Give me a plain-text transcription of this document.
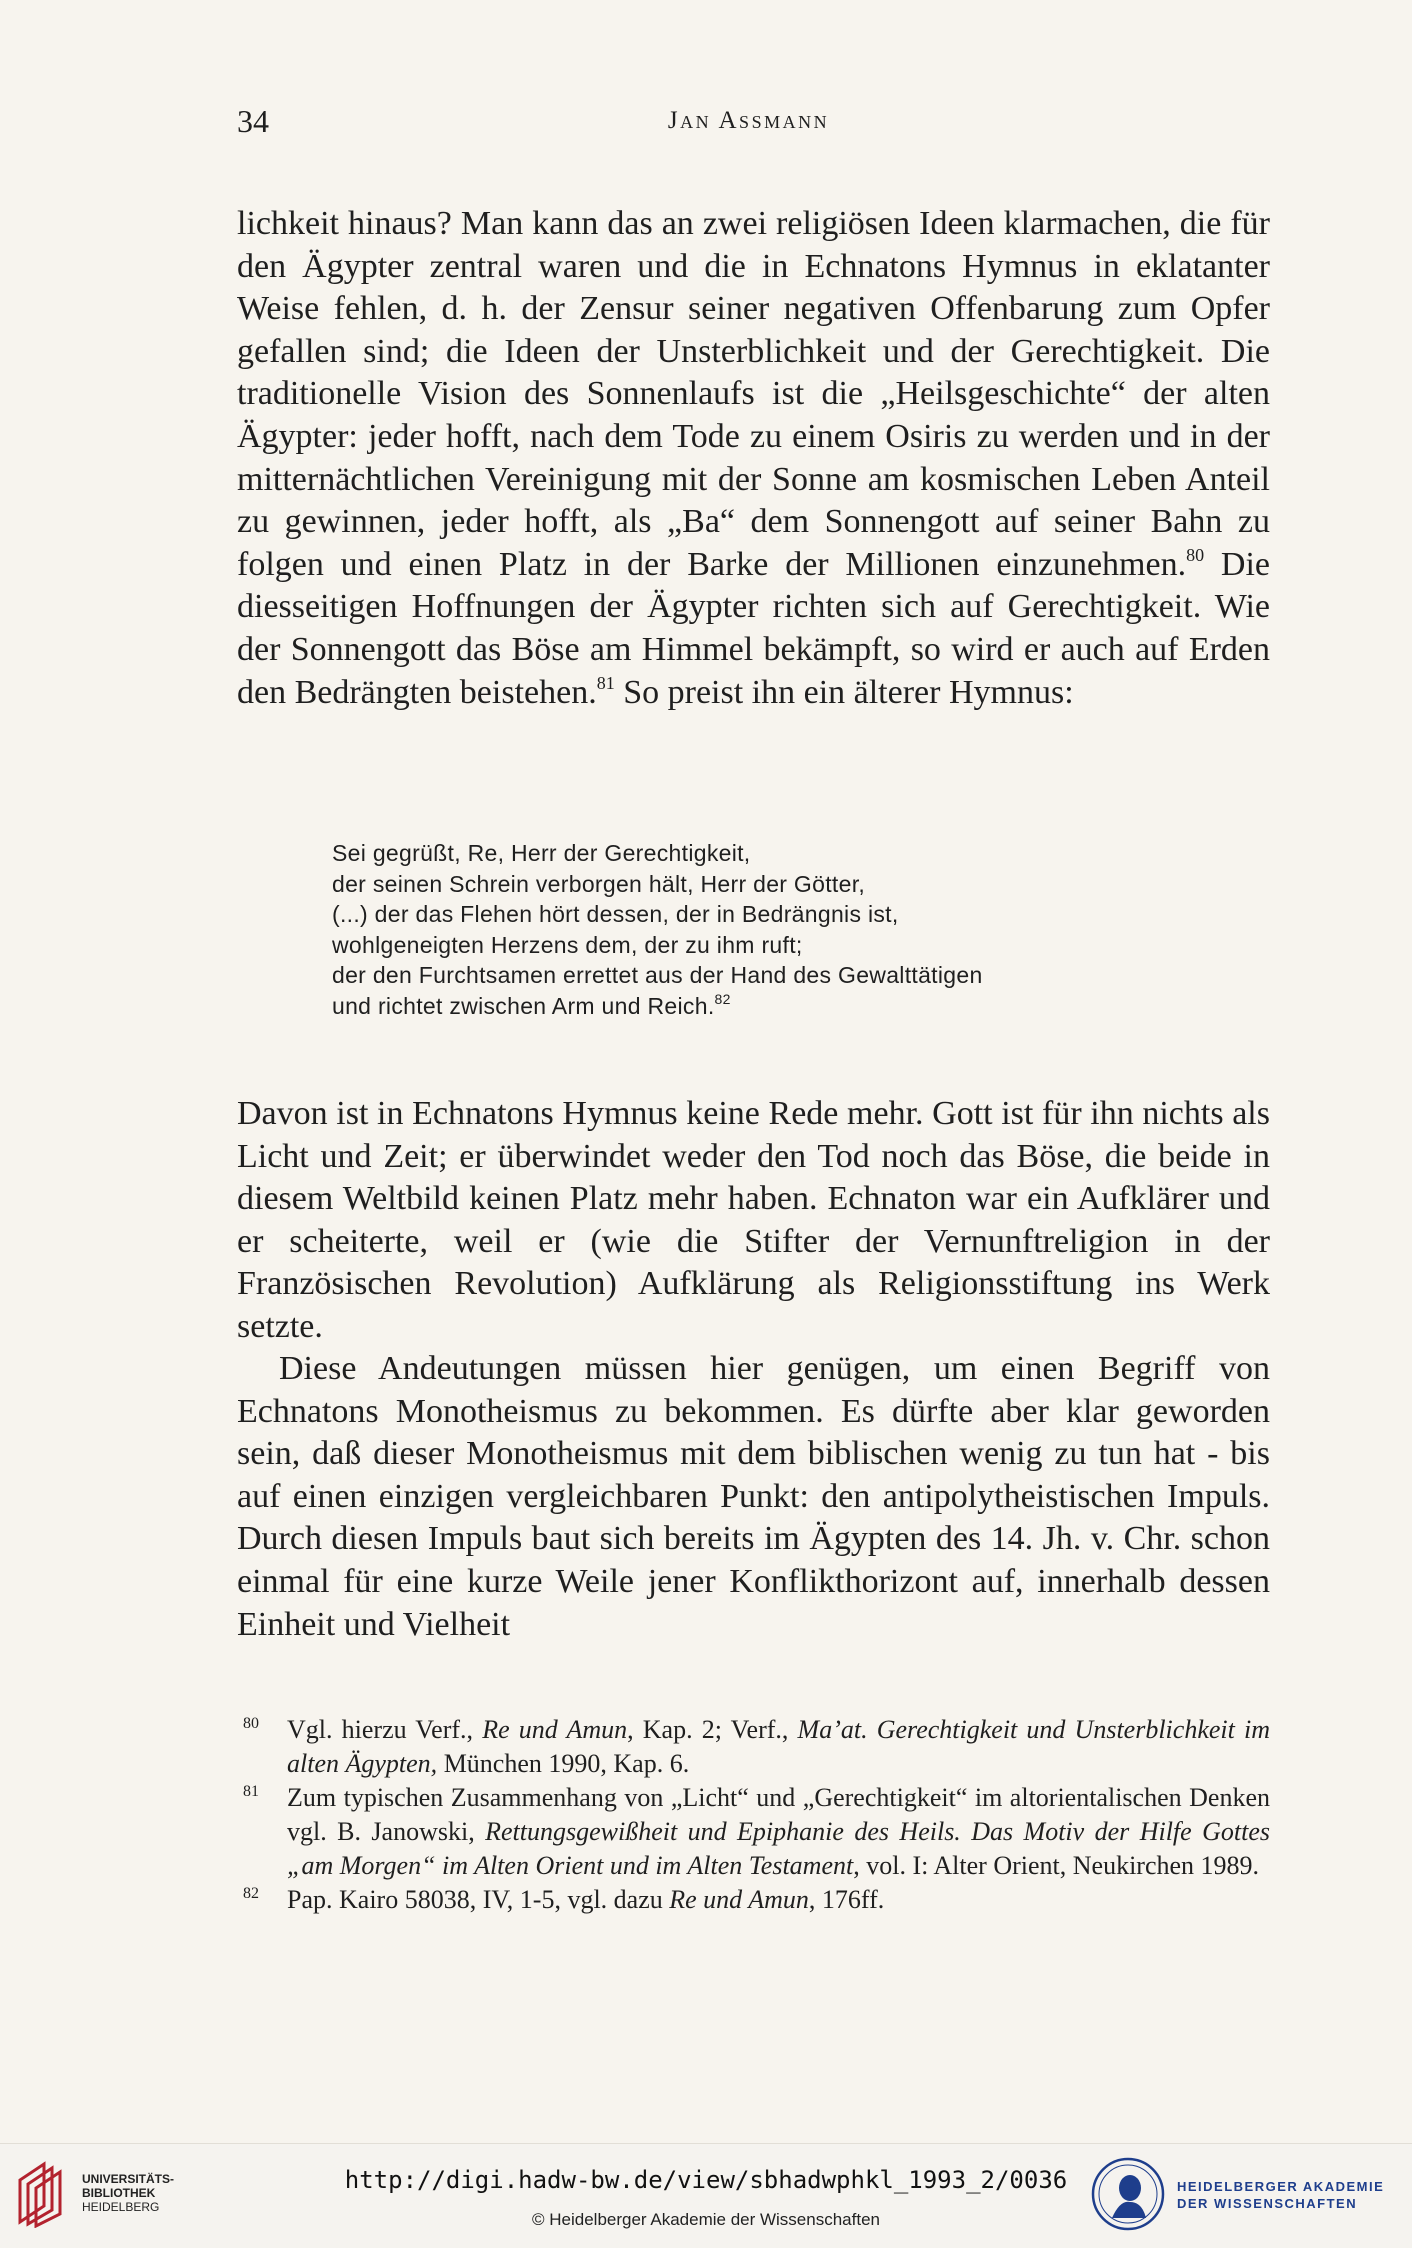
34	Jan Assmann

lichkeit hinaus? Man kann das an zwei religiösen Ideen klarmachen, die für den Ägypter zentral waren und die in Echnatons Hymnus in eklatanter Weise fehlen, d. h. der Zensur seiner negativen Offenbarung zum Opfer gefallen sind; die Ideen der Unsterblichkeit und der Gerechtigkeit. Die traditionelle Vision des Sonnenlaufs ist die „Heilsgeschichte“ der alten Ägypter: jeder hofft, nach dem Tode zu einem Osiris zu werden und in der mitternächtlichen Vereinigung mit der Sonne am kosmischen Leben Anteil zu gewinnen, jeder hofft, als „Ba“ dem Sonnengott auf seiner Bahn zu folgen und einen Platz in der Barke der Millionen einzunehmen.$^{80}$ Die diesseitigen Hoffnungen der Ägypter richten sich auf Gerechtigkeit. Wie der Sonnengott das Böse am Himmel bekämpft, so wird er auch auf Erden den Bedrängten beistehen.$^{81}$ So preist ihn ein älterer Hymnus:

Sei gegrüßt, Re, Herr der Gerechtigkeit,
der seinen Schrein verborgen hält, Herr der Götter,
(...) der das Flehen hört dessen, der in Bedrängnis ist,
wohlgeneigten Herzens dem, der zu ihm ruft;
der den Furchtsamen errettet aus der Hand des Gewalttätigen
und richtet zwischen Arm und Reich.$^{82}$

Davon ist in Echnatons Hymnus keine Rede mehr. Gott ist für ihn nichts als Licht und Zeit; er überwindet weder den Tod noch das Böse, die beide in diesem Weltbild keinen Platz mehr haben. Echnaton war ein Aufklärer und er scheiterte, weil er (wie die Stifter der Vernunftreligion in der Französischen Revolution) Aufklärung als Religionsstiftung ins Werk setzte.

Diese Andeutungen müssen hier genügen, um einen Begriff von Echnatons Monotheismus zu bekommen. Es dürfte aber klar geworden sein, daß dieser Monotheismus mit dem biblischen wenig zu tun hat - bis auf einen einzigen vergleichbaren Punkt: den antipolytheistischen Impuls. Durch diesen Impuls baut sich bereits im Ägypten des 14. Jh. v. Chr. schon einmal für eine kurze Weile jener Konflikthorizont auf, innerhalb dessen Einheit und Vielheit

80 Vgl. hierzu Verf., Re und Amun, Kap. 2; Verf., Ma’at. Gerechtigkeit und Unsterblichkeit im alten Ägypten, München 1990, Kap. 6.

81 Zum typischen Zusammenhang von „Licht“ und „Gerechtigkeit“ im altorientalischen Denken vgl. B. Janowski, Rettungsgewißheit und Epiphanie des Heils. Das Motiv der Hilfe Gottes „am Morgen“ im Alten Orient und im Alten Testament, vol. I: Alter Orient, Neukirchen 1989.

82 Pap. Kairo 58038, IV, 1-5, vgl. dazu Re und Amun, 176ff.

UNIVERSITÄTS-
BIBLIOTHEK
HEIDELBERG
http://digi.hadw-bw.de/view/sbhadwphkl_1993_2/0036
© Heidelberger Akademie der Wissenschaften
HEIDELBERGER AKADEMIE
DER WISSENSCHAFTEN
